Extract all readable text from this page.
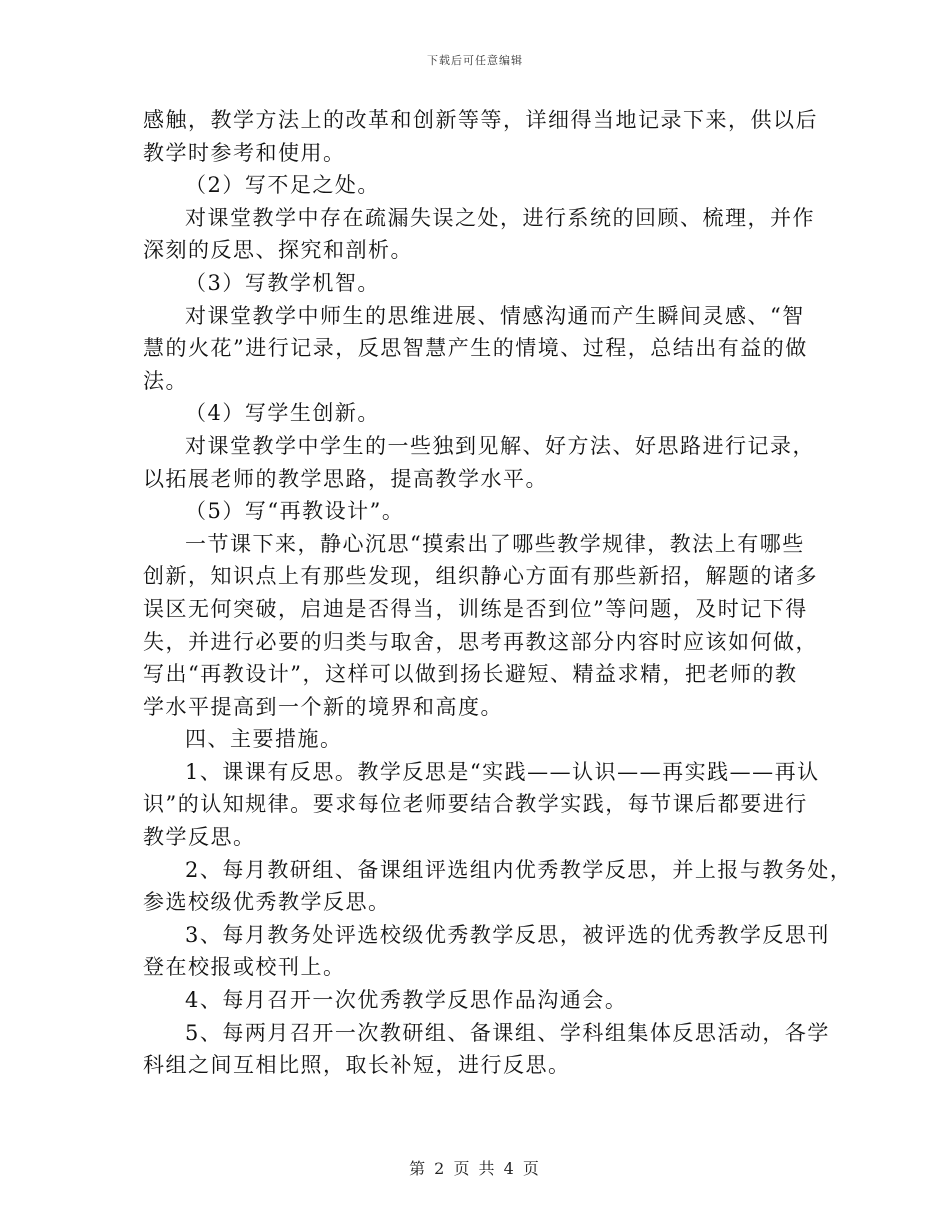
下载后可任意编辑
感触，教学方法上的改革和创新等等，详细得当地记录下来，供以后
教学时参考和使用。
（2）写不足之处。
对课堂教学中存在疏漏失误之处，进行系统的回顾、梳理，并作
深刻的反思、探究和剖析。
（3）写教学机智。
对课堂教学中师生的思维进展、情感沟通而产生瞬间灵感、“智
慧的火花”进行记录，反思智慧产生的情境、过程，总结出有益的做
法。
（4）写学生创新。
对课堂教学中学生的一些独到见解、好方法、好思路进行记录，
以拓展老师的教学思路，提高教学水平。
（5）写“再教设计”。
一节课下来，静心沉思“摸索出了哪些教学规律，教法上有哪些
创新，知识点上有那些发现，组织静心方面有那些新招，解题的诸多
误区无何突破，启迪是否得当，训练是否到位”等问题，及时记下得
失，并进行必要的归类与取舍，思考再教这部分内容时应该如何做，
写出“再教设计”，这样可以做到扬长避短、精益求精，把老师的教
学水平提高到一个新的境界和高度。
四、主要措施。
1、课课有反思。教学反思是“实践——认识——再实践——再认
识”的认知规律。要求每位老师要结合教学实践，每节课后都要进行
教学反思。
2、每月教研组、备课组评选组内优秀教学反思，并上报与教务处，
参选校级优秀教学反思。
3、每月教务处评选校级优秀教学反思，被评选的优秀教学反思刊
登在校报或校刊上。
4、每月召开一次优秀教学反思作品沟通会。
5、每两月召开一次教研组、备课组、学科组集体反思活动，各学
科组之间互相比照，取长补短，进行反思。
第 2 页 共 4 页
